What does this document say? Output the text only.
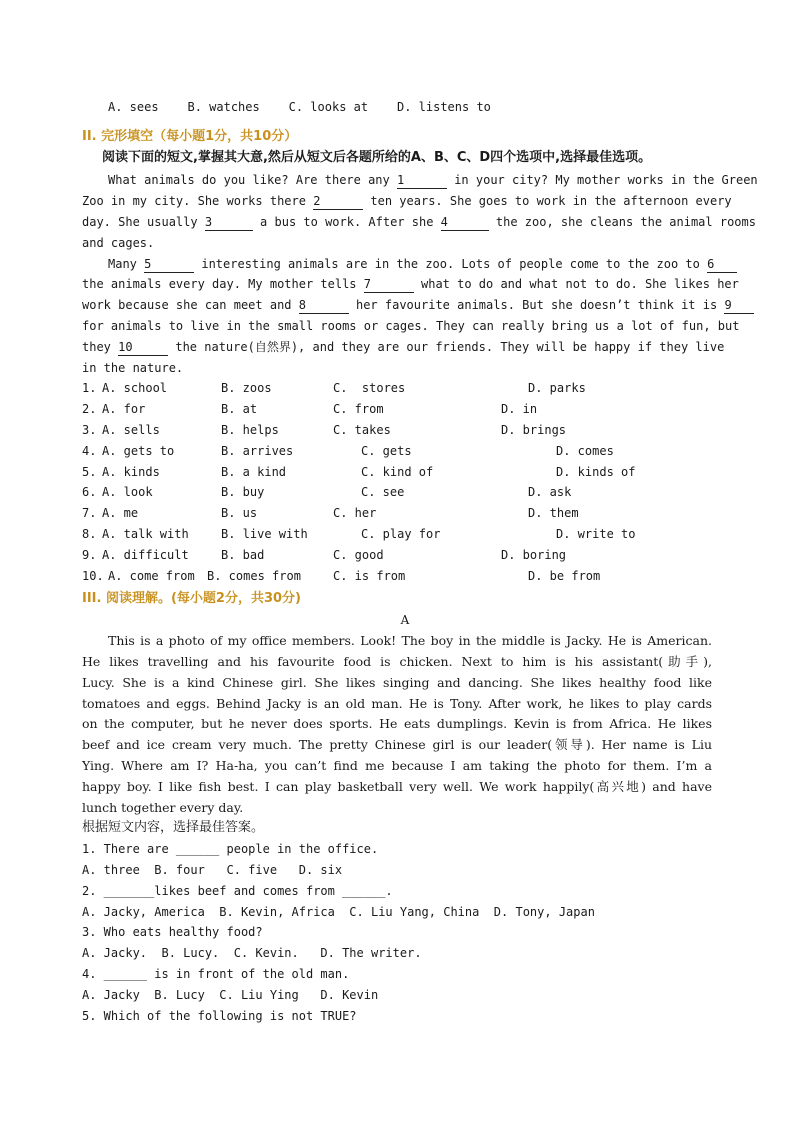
A. sees    B. watches    C. looks at    D. listens to
II. 完形填空（每小题1分，共10分）
阅读下面的短文,掌握其大意,然后从短文后各题所给的A、B、C、D四个选项中,选择最佳选项。
What animals do you like? Are there any 1	in your city? My mother works in the Green
Zoo in my city. She works there 2	ten years. She goes to work in the afternoon every
day. She usually 3	a bus to work. After she 4	the zoo, she cleans the animal rooms
and cages.
Many 5	interesting animals are in the zoo. Lots of people come to the zoo to 6
the animals every day. My mother tells 7	what to do and what not to do. She likes her
work because she can meet and 8	her favourite animals. But she doesn’t think it is 9
for animals to live in the small rooms or cages. They can really bring us a lot of fun, but
they 10	the nature(自然界), and they are our friends. They will be happy if they live
in the nature.
1. A. school	B. zoos	C.  stores	D. parks
2. A. for	B. at	C. from	D. in
3. A. sells	B. helps	C. takes	D. brings
4. A. gets to	B. arrives	C. gets	D. comes
5. A. kinds	B. a kind	C. kind of	D. kinds of
6. A. look	B. buy	C. see	D. ask
7. A. me	B. us	C. her	D. them
8. A. talk with	B. live with	C. play for	D. write to
9. A. difficult	B. bad	C. good	D. boring
10. A. come from B. comes from	C. is from	D. be from
III. 阅读理解。(每小题2分，共30分)
A
This is a photo of my office members. Look! The boy in the middle is Jacky. He is American.
He likes travelling and his favourite food is chicken. Next to him is his assistant(助手),
Lucy. She is a kind Chinese girl. She likes singing and dancing. She likes healthy food like
tomatoes and eggs. Behind Jacky is an old man. He is Tony. After work, he likes to play cards
on the computer, but he never does sports. He eats dumplings. Kevin is from Africa. He likes
beef and ice cream very much. The pretty Chinese girl is our leader(领导). Her name is Liu
Ying. Where am I? Ha-ha, you can’t find me because I am taking the photo for them. I’m a
happy boy. I like fish best. I can play basketball very well. We work happily(高兴地) and have
lunch together every day.
根据短文内容，选择最佳答案。
1. There are ______ people in the office.
A. three  B. four   C. five   D. six
2. _______likes beef and comes from ______.
A. Jacky, America  B. Kevin, Africa  C. Liu Yang, China  D. Tony, Japan
3. Who eats healthy food?
A. Jacky.  B. Lucy.  C. Kevin.   D. The writer.
4. ______ is in front of the old man.
A. Jacky  B. Lucy  C. Liu Ying   D. Kevin
5. Which of the following is not TRUE?
